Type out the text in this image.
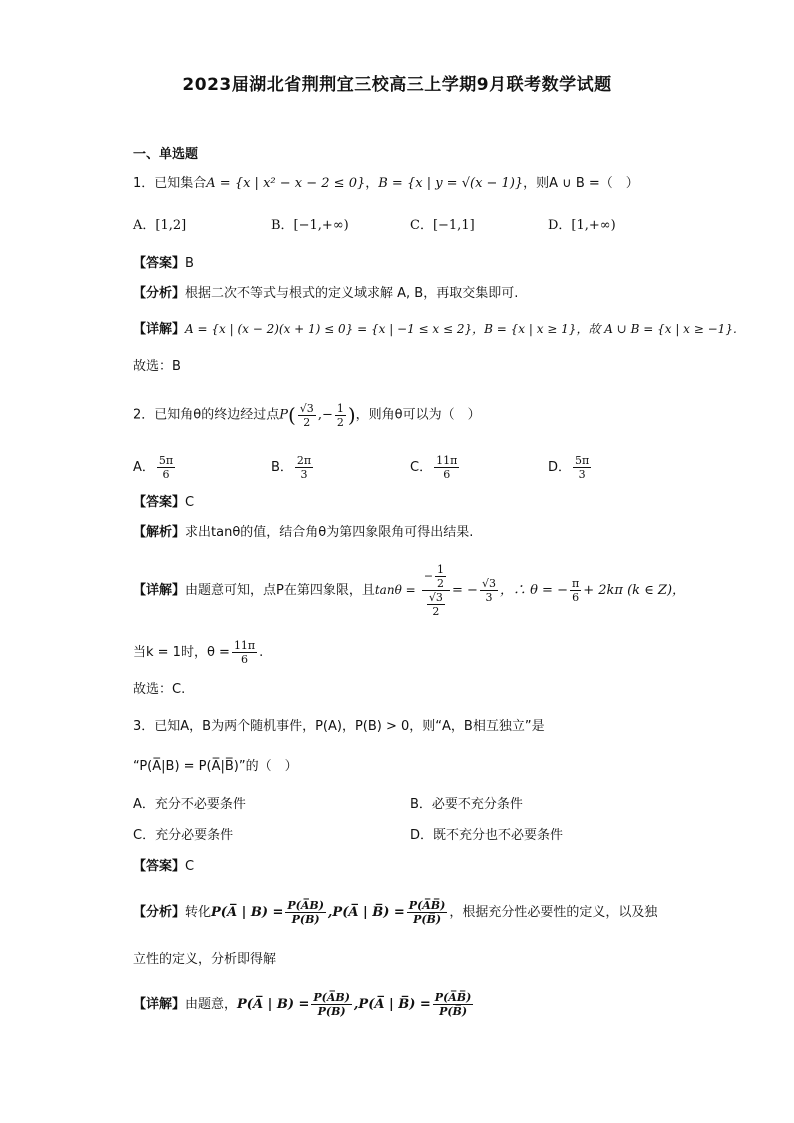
2023届湖北省荆荆宜三校高三上学期9月联考数学试题
一、单选题
1．已知集合A = {x | x² − x − 2 ≤ 0}，B = {x | y = √(x − 1)}，则A ∪ B =（　）
A．[1,2]	B．[−1,+∞)	C．[−1,1]	D．[1,+∞)
【答案】B
【分析】根据二次不等式与根式的定义域求解 A, B，再取交集即可.
【详解】A = {x | (x − 2)(x + 1) ≤ 0} = {x | −1 ≤ x ≤ 2}，B = {x | x ≥ 1}，故 A ∪ B = {x | x ≥ −1}.
故选：B
2．已知角θ的终边经过点$P( \frac{√3}{2}$ ,− $\frac{1}{2}$ )，则角θ可以为（　）
A． $\frac{5\pi}{6}$	B． $\frac{2\pi}{3}$	C． $\frac{11\pi}{6}$	D． $\frac{5\pi}{3}$
【答案】C
【解析】求出tanθ的值，结合角θ为第四象限角可得出结果.
【详解】由题意可知，点P在第四象限，且$\tan\theta = \frac{- \frac{1}{2}}{\frac{√3}{2}}$ = − $\frac{√3}{3}$ ，∴ θ = − $\frac{\pi}{6} + 2k\pi$ (k ∈ Z)，
当k = 1时，$\theta = \frac{11\pi}{6}$ .
故选：C.
3．已知A，B为两个随机事件，P(A)，P(B) > 0，则“A，B相互独立”是
“P(A̅|B) = P(A̅|B̅)”的（　）
A．充分不必要条件	B．必要不充分条件
C．充分必要条件	D．既不充分也不必要条件
【答案】C
【分析】转化P(A̅ | $B) = \frac{P(A̅B)}{P(B)}$ ,P(A̅ | B̅) = $\frac{P(A̅B̅)}{P(B̅)}$ ，根据充分性必要性的定义，以及独
立性的定义，分析即得解
【详解】由题意，P(A̅ | $B) = \frac{P(A̅B)}{P(B)}$ ,P(A̅ | B̅) = $\frac{P(A̅B̅)}{P(B̅)}$
